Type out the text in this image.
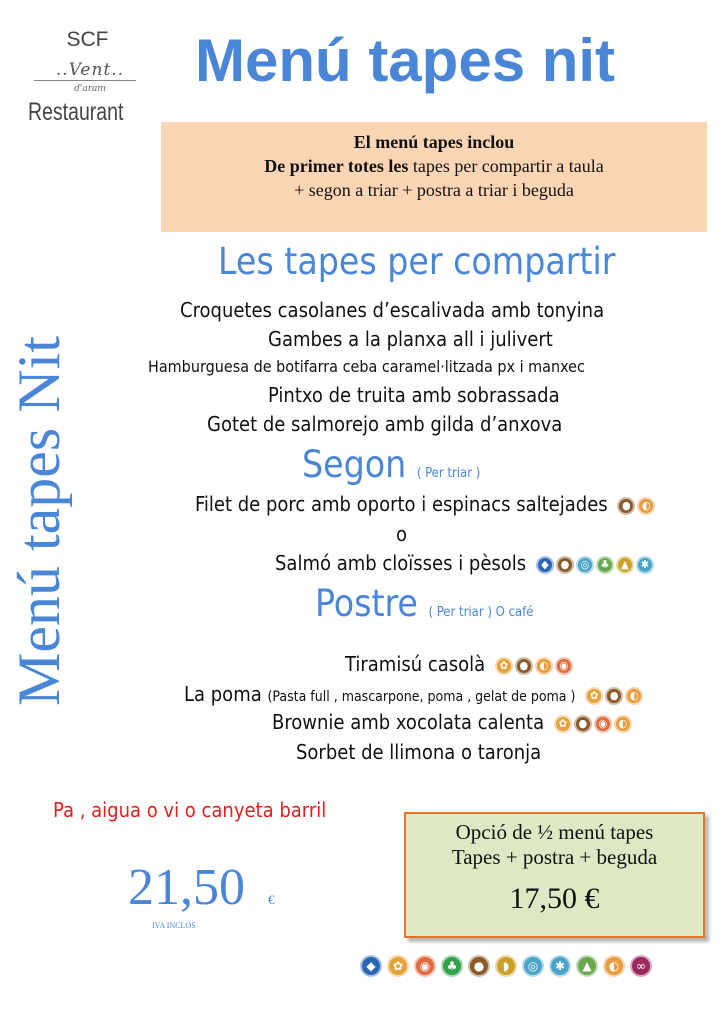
SCF
..Vent..
d'aram
Restaurant
Menú tapes nit
El menú tapes inclou
De primer totes les tapes per compartir a taula
+ segon a triar + postra a triar i beguda
Menú tapes Nit
Les tapes per compartir
Croquetes casolanes d’escalivada amb tonyina
Gambes a la planxa all i julivert
Hamburguesa de botifarra ceba caramel·litzada px i manxec
Pintxo de truita amb sobrassada
Gotet de salmorejo amb gilda d’anxova
Segon ( Per triar )
Filet de porc amb oporto i espinacs saltejades	●	◐
o
Salmó amb cloïsses i pèsols	◆	●	◎	♣	▲	✱
Postre ( Per triar ) O café
Tiramisú casolà	✿	●	◐	◉
La poma (Pasta full , mascarpone, poma , gelat de poma )	✿	●	◐
Brownie amb xocolata calenta	✿	●	◉	◐
Sorbet de llimona o taronja
Pa , aigua o vi o canyeta barril
21,50 €
IVA INCLOS
Opció de ½ menú tapes
Tapes + postra + beguda
17,50 €
◆	✿	◉	♣	●	◗	◎	✱	▲	◐	∞
